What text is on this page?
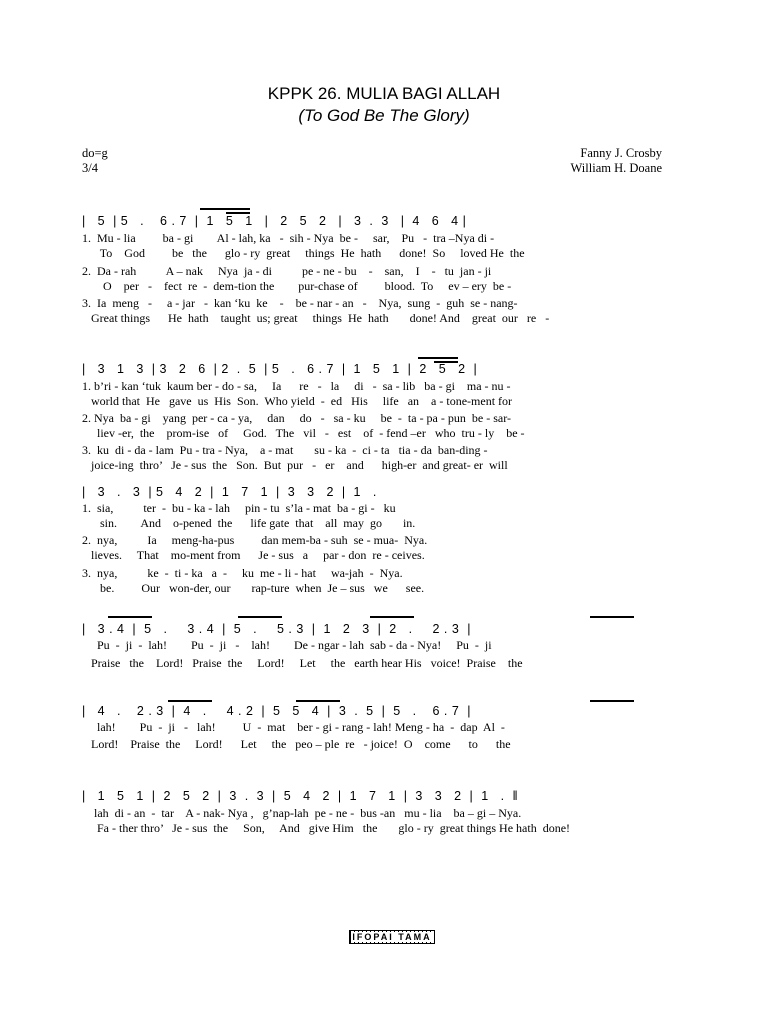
KPPK 26. MULIA BAGI ALLAH
(To God Be The Glory)
do=g
3/4
Fanny J. Crosby
William H. Doane
|   5  | 5   .    6 . 7  |  1   5   1   |   2   5   2   |   3  .  3   |  4   6   4 |
1.  Mu - lia         ba - gi        Al - lah, ka   -  sih - Nya  be -     sar,    Pu   -  tra –Nya di -
To    God         be   the      glo - ry  great     things  He  hath      done!  So     loved He  the
2.  Da - rah          A – nak     Nya  ja - di          pe - ne - bu    -    san,    I    -   tu  jan - ji
O    per   -    fect  re  -  dem-tion the        pur-chase of         blood.  To     ev – ery  be -
3.  Ia  meng   -     a - jar   -  kan ‘ku  ke    -    be - nar - an   -    Nya,  sung  -  guh  se - nang-
Great things      He  hath    taught  us; great     things  He  hath       done! And    great  our   re   -
|   3   1   3  | 3   2   6  | 2  .  5  | 5   .   6 . 7  |  1   5   1  |  2   5   2  |
1. b’ri - kan ‘tuk  kaum ber - do - sa,     Ia      re   -   la     di   -  sa - lib   ba - gi    ma - nu -
world that  He   gave  us  His  Son.  Who yield  -  ed   His     life   an    a - tone-ment for
2. Nya  ba - gi    yang  per - ca - ya,     dan     do   -   sa - ku     be  -  ta - pa - pun  be - sar-
liev -er,  the    prom-ise   of     God.   The   vil   -   est    of  - fend –er   who  tru - ly    be -
3.  ku  di - da - lam  Pu - tra - Nya,    a - mat       su - ka  -  ci - ta   tia - da  ban-ding -
joice-ing  thro’   Je - sus  the   Son.  But  pur   -   er    and      high-er  and great- er  will
|   3   .   3  | 5   4   2  |  1   7   1  |  3   3   2  |  1   .
1.  sia,          ter  -  bu - ka - lah     pin - tu  s’la - mat  ba - gi -   ku
sin.        And    o-pened  the      life gate  that    all  may  go       in.
2.  nya,          Ia     meng-ha-pus         dan mem-ba - suh  se - mua-  Nya.
lieves.     That    mo-ment from      Je - sus   a     par - don  re - ceives.
3.  nya,          ke  -  ti - ka   a  -     ku  me - li - hat     wa-jah  -  Nya.
be.         Our   won-der, our       rap-ture  when  Je – sus   we      see.
|   3 . 4  |  5   .     3 . 4  |  5   .     5 . 3  |  1   2   3  |  2   .     2 . 3  |
Pu  -  ji  -  lah!        Pu  -  ji   -    lah!        De - ngar - lah  sab - da - Nya!     Pu  -  ji
Praise   the    Lord!   Praise  the     Lord!     Let     the   earth hear His   voice!  Praise    the
|   4   .    2 . 3  |  4   .     4 . 2  |  5   5   4  |  3  .  5  |  5   .    6 . 7  |
lah!        Pu  -  ji   -   lah!         U  -  mat    ber - gi - rang - lah! Meng - ha  -  dap  Al  -
Lord!    Praise  the     Lord!      Let     the   peo – ple  re   - joice!  O    come      to      the
|   1   5   1  |  2   5   2  |  3  .  3  |  5   4   2  |  1   7   1  |  3   3   2  |  1   .  ‖
lah  di - an  -  tar    A - nak- Nya ,   g’nap-lah  pe - ne -  bus -an   mu - lia    ba – gi – Nya.
Fa - ther thro’   Je - sus  the     Son,     And   give Him   the       glo - ry  great things He hath  done!
IFOPAI TAMA
